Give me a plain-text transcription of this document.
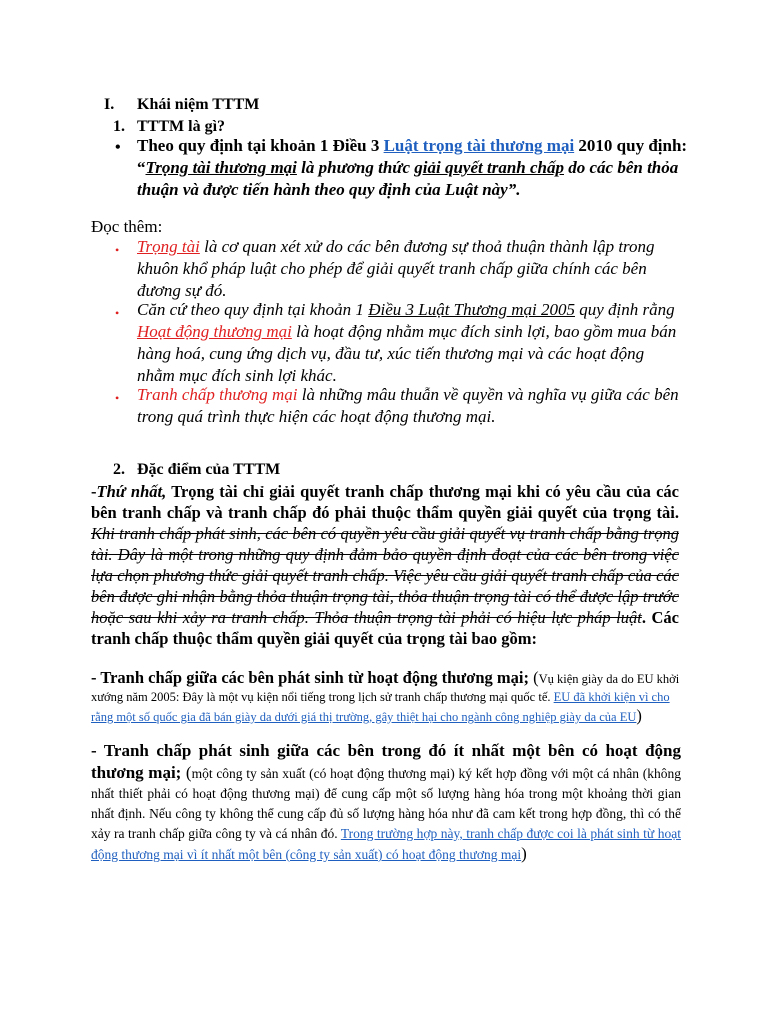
I. Khái niệm TTTM
1. TTTM là gì?
• Theo quy định tại khoản 1 Điều 3 Luật trọng tài thương mại 2010 quy định: “Trọng tài thương mại là phương thức giải quyết tranh chấp do các bên thỏa thuận và được tiến hành theo quy định của Luật này”.
Đọc thêm:
• Trọng tài là cơ quan xét xử do các bên đương sự thoả thuận thành lập trong khuôn khổ pháp luật cho phép để giải quyết tranh chấp giữa chính các bên đương sự đó.
• Căn cứ theo quy định tại khoản 1 Điều 3 Luật Thương mại 2005 quy định rằng Hoạt động thương mại là hoạt động nhằm mục đích sinh lợi, bao gồm mua bán hàng hoá, cung ứng dịch vụ, đầu tư, xúc tiến thương mại và các hoạt động nhằm mục đích sinh lợi khác.
• Tranh chấp thương mại là những mâu thuẫn về quyền và nghĩa vụ giữa các bên trong quá trình thực hiện các hoạt động thương mại.
2. Đặc điểm của TTTM
-Thứ nhất, Trọng tài chỉ giải quyết tranh chấp thương mại khi có yêu cầu của các bên tranh chấp và tranh chấp đó phải thuộc thẩm quyền giải quyết của trọng tài. Khi tranh chấp phát sinh, các bên có quyền yêu cầu giải quyết vụ tranh chấp bằng trọng tài. Đây là một trong những quy định đảm bảo quyền định đoạt của các bên trong việc lựa chọn phương thức giải quyết tranh chấp. Việc yêu cầu giải quyết tranh chấp của các bên được ghi nhận bằng thỏa thuận trọng tài, thỏa thuận trọng tài có thể được lập trước hoặc sau khi xảy ra tranh chấp. Thỏa thuận trọng tài phải có hiệu lực pháp luật. Các tranh chấp thuộc thẩm quyền giải quyết của trọng tài bao gồm:
- Tranh chấp giữa các bên phát sinh từ hoạt động thương mại; (Vụ kiện giày da do EU khởi xướng năm 2005: Đây là một vụ kiện nổi tiếng trong lịch sử tranh chấp thương mại quốc tế. EU đã khởi kiện vì cho rằng một số quốc gia đã bán giày da dưới giá thị trường, gây thiệt hại cho ngành công nghiệp giày da của EU)
- Tranh chấp phát sinh giữa các bên trong đó ít nhất một bên có hoạt động thương mại; (một công ty sản xuất (có hoạt động thương mại) ký kết hợp đồng với một cá nhân (không nhất thiết phải có hoạt động thương mại) để cung cấp một số lượng hàng hóa trong một khoảng thời gian nhất định. Nếu công ty không thể cung cấp đủ số lượng hàng hóa như đã cam kết trong hợp đồng, thì có thể xảy ra tranh chấp giữa công ty và cá nhân đó. Trong trường hợp này, tranh chấp được coi là phát sinh từ hoạt động thương mại vì ít nhất một bên (công ty sản xuất) có hoạt động thương mại)
